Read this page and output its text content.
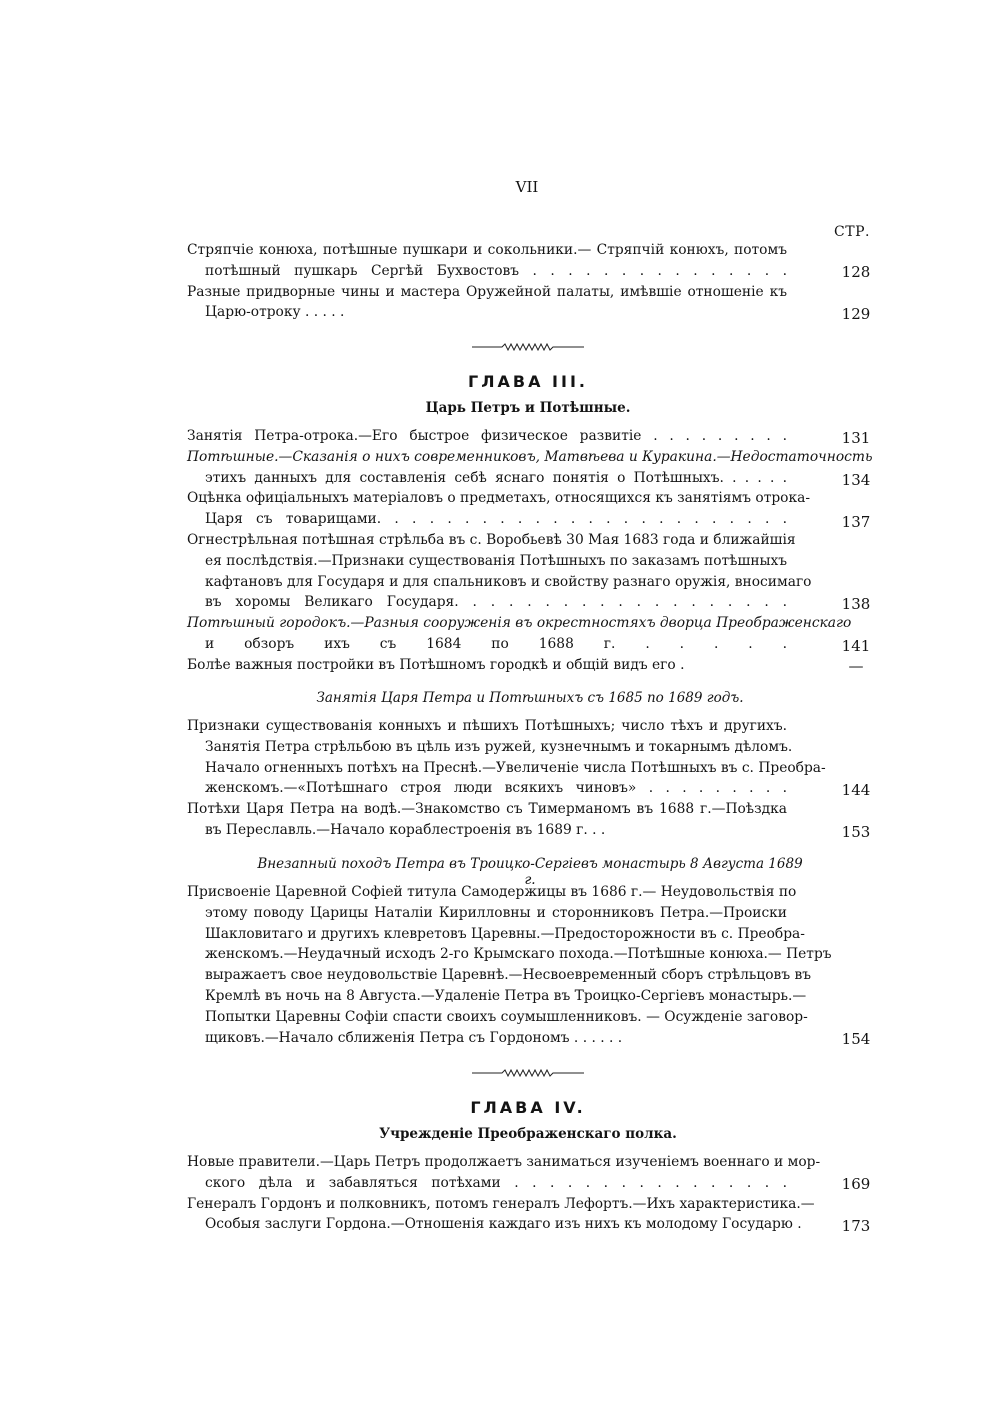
VII
СТР.
Стряпчіе конюха, потѣшные пушкари и сокольники.— Стряпчій конюхъ, потомъ
потѣшный пушкарь Сергѣй Бухвостовъ . . . . . . . . . . . . . . .
Разные придворные чины и мастера Оружейной палаты, имѣвшіе отношеніе къ
Царю-отроку . . . . .
128
129
ГЛАВА III.
Царь Петръ и Потѣшные.
Занятія Петра-отрока.—Его быстрое физическое развитіе . . . . . . . . .
Потѣшные.—Сказанія о нихъ современниковъ, Матвѣева и Куракина.—Недостаточность
этихъ данныхъ для составленія себѣ яснаго понятія о Потѣшныхъ. . . . . .
Оцѣнка офиціальныхъ матеріаловъ о предметахъ, относящихся къ занятіямъ отрока-
Царя съ товарищами. . . . . . . . . . . . . . . . . . . . . . . .
Огнестрѣльная потѣшная стрѣльба въ с. Воробьевѣ 30 Мая 1683 года и ближайшія
ея послѣдствія.—Признаки существованія Потѣшныхъ по заказамъ потѣшныхъ
кафтановъ для Государя и для спальниковъ и свойству разнаго оружія, вносимаго
въ хоромы Великаго Государя. . . . . . . . . . . . . . . . . . .
Потѣшный городокъ.—Разныя сооруженія въ окрестностяхъ дворца Преображенскаго
и обзоръ ихъ съ 1684 по 1688 г. . . . . .
Болѣе важныя постройки въ Потѣшномъ городкѣ и общій видъ его .
131
134
137
138
141
—
Занятія Царя Петра и Потѣшныхъ съ 1685 по 1689 годъ.
Признаки существованія конныхъ и пѣшихъ Потѣшныхъ; число тѣхъ и другихъ.
Занятія Петра стрѣльбою въ цѣль изъ ружей, кузнечнымъ и токарнымъ дѣломъ.
Начало огненныхъ потѣхъ на Преснѣ.—Увеличеніе числа Потѣшныхъ въ с. Преобра-
женскомъ.—«Потѣшнаго строя люди всякихъ чиновъ» . . . . . . . . .
Потѣхи Царя Петра на водѣ.—Знакомство съ Тимерманомъ въ 1688 г.—Поѣздка
въ Переславль.—Начало кораблестроенія въ 1689 г. . .
144
153
Внезапный походъ Петра въ Троицко-Сергіевъ монастырь 8 Августа 1689 г.
Присвоеніе Царевной Софіей титула Самодержицы въ 1686 г.— Неудовольствія по
этому поводу Царицы Наталіи Кирилловны и сторонниковъ Петра.—Происки
Шакловитаго и другихъ клевретовъ Царевны.—Предосторожности въ с. Преобра-
женскомъ.—Неудачный исходъ 2-го Крымскаго похода.—Потѣшные конюха.— Петръ
выражаетъ свое неудовольствіе Царевнѣ.—Несвоевременный сборъ стрѣльцовъ въ
Кремлѣ въ ночь на 8 Августа.—Удаленіе Петра въ Троицко-Сергіевъ монастырь.—
Попытки Царевны Софіи спасти своихъ соумышленниковъ. — Осужденіе заговор-
щиковъ.—Начало сближенія Петра съ Гордономъ . . . . . .	154
ГЛАВА IV.
Учрежденіе Преображенскаго полка.
Новые правители.—Царь Петръ продолжаетъ заниматься изученіемъ военнаго и мор-
ского дѣла и забавляться потѣхами . . . . . . . . . . . . . . . .
Генералъ Гордонъ и полковникъ, потомъ генералъ Лефортъ.—Ихъ характеристика.—
Особыя заслуги Гордона.—Отношенія каждаго изъ нихъ къ молодому Государю .
169
173
